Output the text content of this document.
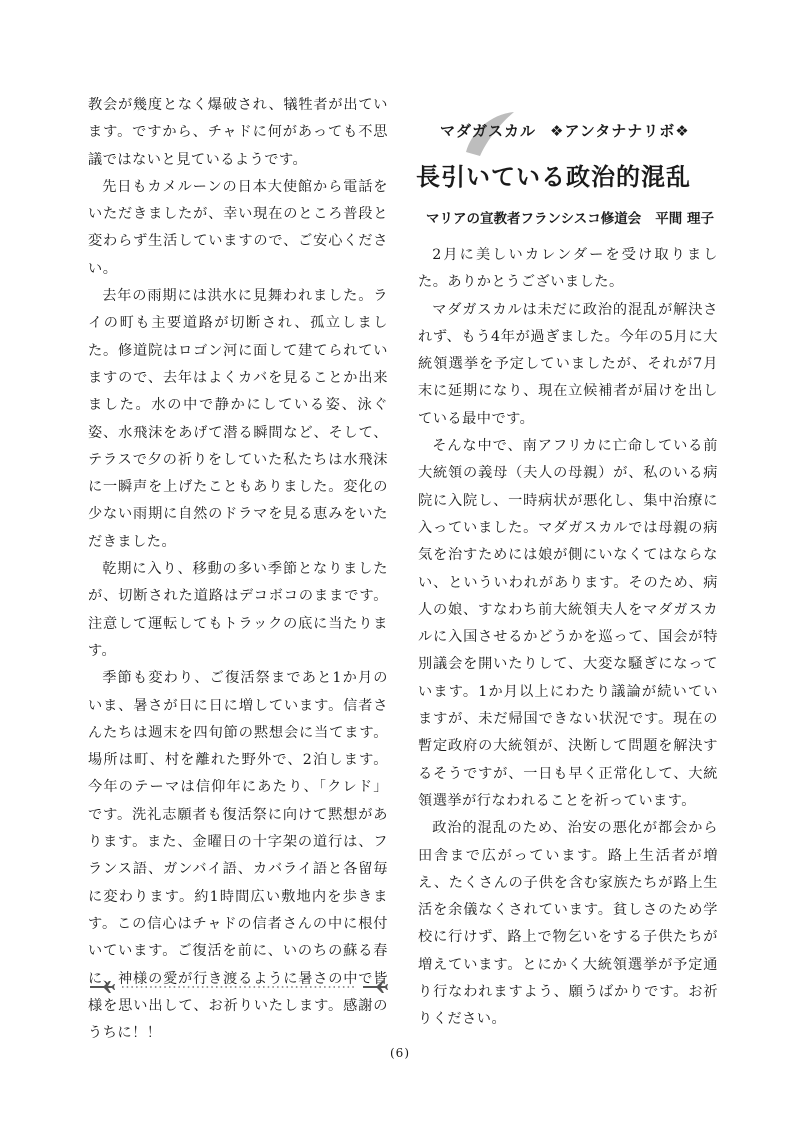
教会が幾度となく爆破され、犠牲者が出ています。ですから、チャドに何があっても不思議ではないと見ているようです。

先日もカメルーンの日本大使館から電話をいただきましたが、幸い現在のところ普段と変わらず生活していますので、ご安心ください。

去年の雨期には洪水に見舞われました。ライの町も主要道路が切断され、孤立しました。修道院はロゴン河に面して建てられていますので、去年はよくカバを見ることか出来ました。水の中で静かにしている姿、泳ぐ姿、水飛沫をあげて潜る瞬間など、そして、テラスで夕の祈りをしていた私たちは水飛沫に一瞬声を上げたこともありました。変化の少ない雨期に自然のドラマを見る恵みをいただきました。

乾期に入り、移動の多い季節となりましたが、切断された道路はデコボコのままです。注意して運転してもトラックの底に当たります。

季節も変わり、ご復活祭まであと1か月のいま、暑さが日に日に増しています。信者さんたちは週末を四旬節の黙想会に当てます。場所は町、村を離れた野外で、2泊します。今年のテーマは信仰年にあたり、「クレド」です。洗礼志願者も復活祭に向けて黙想があります。また、金曜日の十字架の道行は、フランス語、ガンバイ語、カバライ語と各留毎に変わります。約1時間広い敷地内を歩きます。この信心はチャドの信者さんの中に根付いています。ご復活を前に、いのちの蘇る春に、神様の愛が行き渡るように暑さの中で皆様を思い出して、お祈りいたします。感謝のうちに！！

マダガスカル ❖アンタナナリボ❖
長引いている政治的混乱
マリアの宣教者フランシスコ修道会 平間 理子

2月に美しいカレンダーを受け取りました。ありかとうございました。

マダガスカルは未だに政治的混乱が解決されず、もう4年が過ぎました。今年の5月に大統領選挙を予定していましたが、それが7月末に延期になり、現在立候補者が届けを出している最中です。

そんな中で、南アフリカに亡命している前大統領の義母（夫人の母親）が、私のいる病院に入院し、一時病状が悪化し、集中治療に入っていました。マダガスカルでは母親の病気を治すためには娘が側にいなくてはならない、といういわれがあります。そのため、病人の娘、すなわち前大統領夫人をマダガスカルに入国させるかどうかを巡って、国会が特別議会を開いたりして、大変な騒ぎになっています。1か月以上にわたり議論が続いていますが、未だ帰国できない状況です。現在の暫定政府の大統領が、決断して問題を解決するそうですが、一日も早く正常化して、大統領選挙が行なわれることを祈っています。

政治的混乱のため、治安の悪化が都会から田舎まで広がっています。路上生活者が増え、たくさんの子供を含む家族たちが路上生活を余儀なくされています。貧しさのため学校に行けず、路上で物乞いをする子供たちが増えています。とにかく大統領選挙が予定通り行なわれますよう、願うばかりです。お祈りください。

(6)
